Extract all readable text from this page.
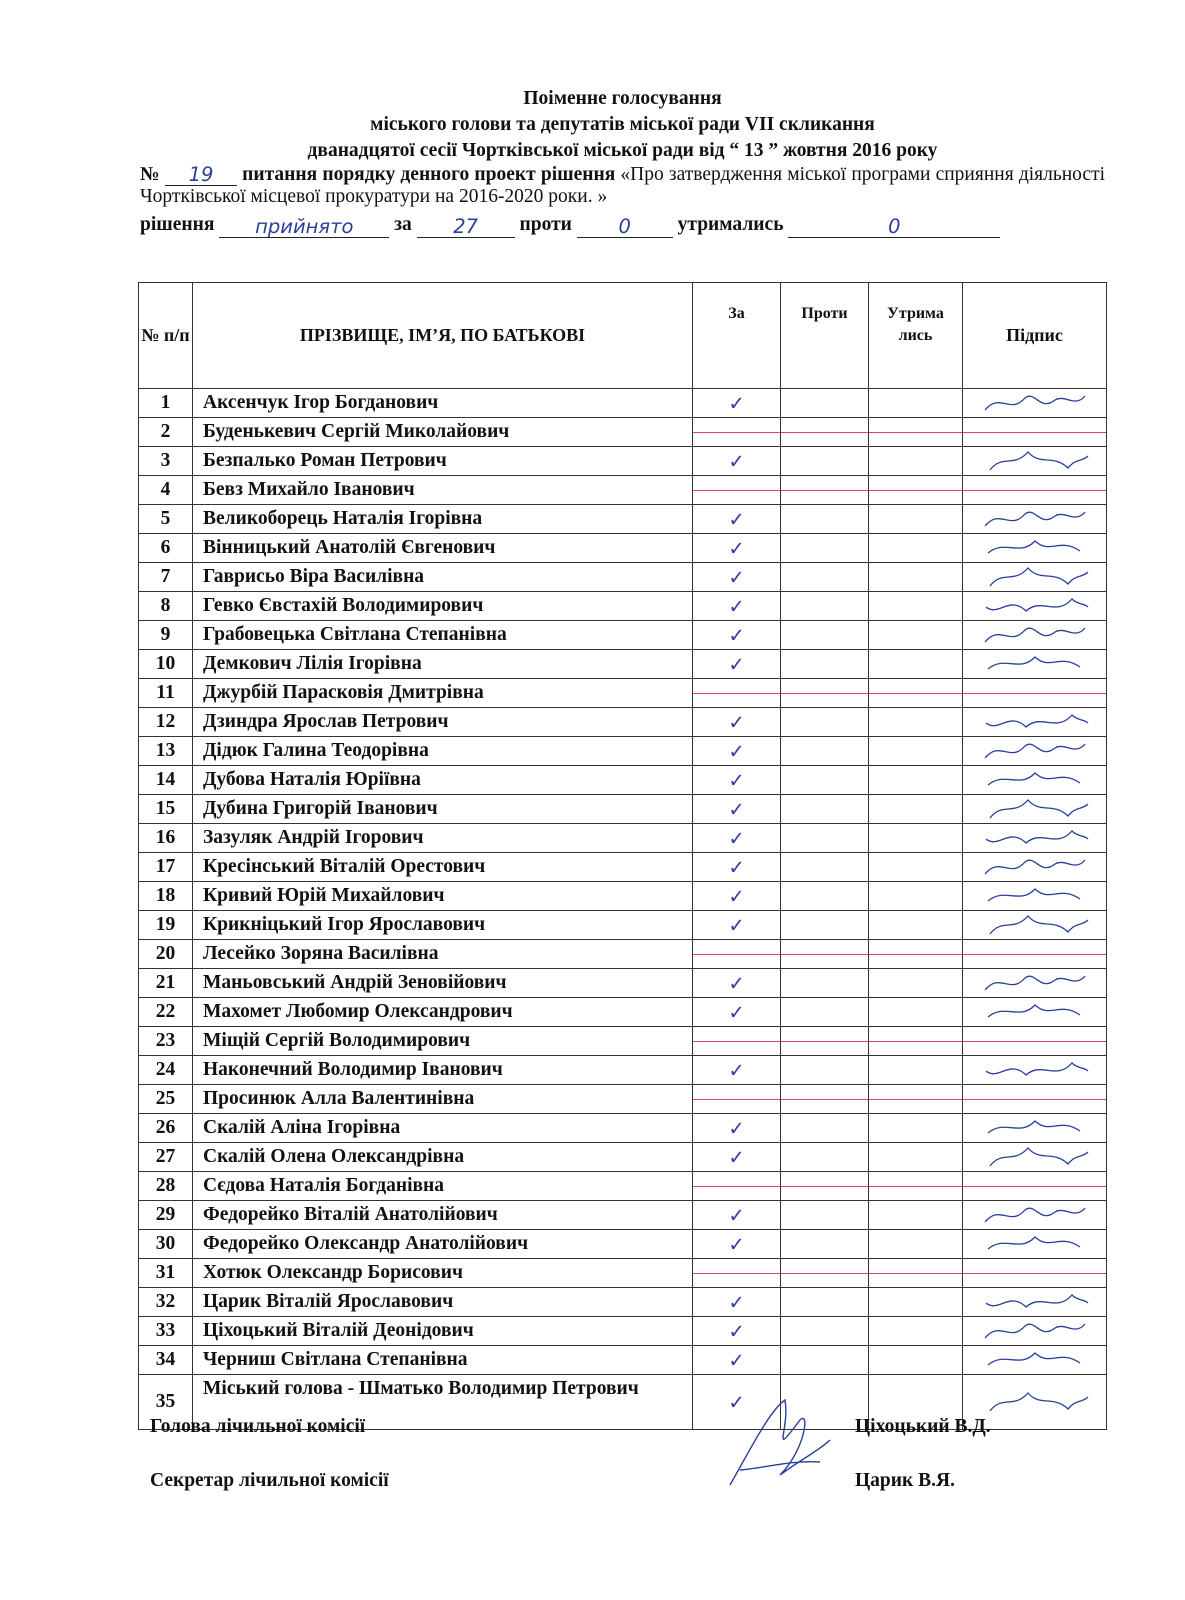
Поіменне голосування
міського голови та депутатів міської ради VII скликання
дванадцятої сесії Чортківської міської ради від “ 13 ” жовтня 2016 року
№ 19 питання порядку денного проект рішення «Про затвердження міської програми сприяння діяльності Чортківської місцевої прокуратури на 2016-2020 роки. »
рішення прийнято за 27 проти 0 утримались	0
№ п/п	ПРІЗВИЩЕ, ІМ’Я, ПО БАТЬКОВІ	За	Проти	Утрима лись	Підпис
1	Аксенчук Ігор Богданович	✓			

2	Буденькевич Сергій Миколайович	

3	Безпалько Роман Петрович	✓			

4	Бевз Михайло Іванович	

5	Великоборець Наталія Ігорівна	✓			

6	Вінницький Анатолій Євгенович	✓			

7	Гаврисьо Віра Василівна	✓			

8	Гевко Євстахій Володимирович	✓			

9	Грабовецька Світлана Степанівна	✓			

10	Демкович Лілія Ігорівна	✓			

11	Джурбій Парасковія Дмитрівна	

12	Дзиндра Ярослав Петрович	✓			

13	Дідюк Галина Теодорівна	✓			

14	Дубова Наталія Юріївна	✓			

15	Дубина Григорій Іванович	✓			

16	Зазуляк Андрій Ігорович	✓			

17	Кресінський Віталій Орестович	✓			

18	Кривий Юрій Михайлович	✓			

19	Крикніцький Ігор Ярославович	✓			

20	Лесейко Зоряна Василівна	

21	Маньовський Андрій Зеновійович	✓			

22	Махомет Любомир Олександрович	✓			

23	Міщій Сергій Володимирович	

24	Наконечний Володимир Іванович	✓			

25	Просинюк Алла Валентинівна	

26	Скалій Аліна Ігорівна	✓			

27	Скалій Олена Олександрівна	✓			

28	Сєдова Наталія Богданівна	

29	Федорейко Віталій Анатолійович	✓			

30	Федорейко Олександр Анатолійович	✓			

31	Хотюк Олександр Борисович	

32	Царик Віталій Ярославович	✓			

33	Ціхоцький Віталій Деонідович	✓			

34	Черниш Світлана Степанівна	✓			

35	Міський голова - Шматько Володимир Петрович	✓			
Голова лічильної комісії	Ціхоцький В.Д.
Секретар лічильної комісії	Царик В.Я.
